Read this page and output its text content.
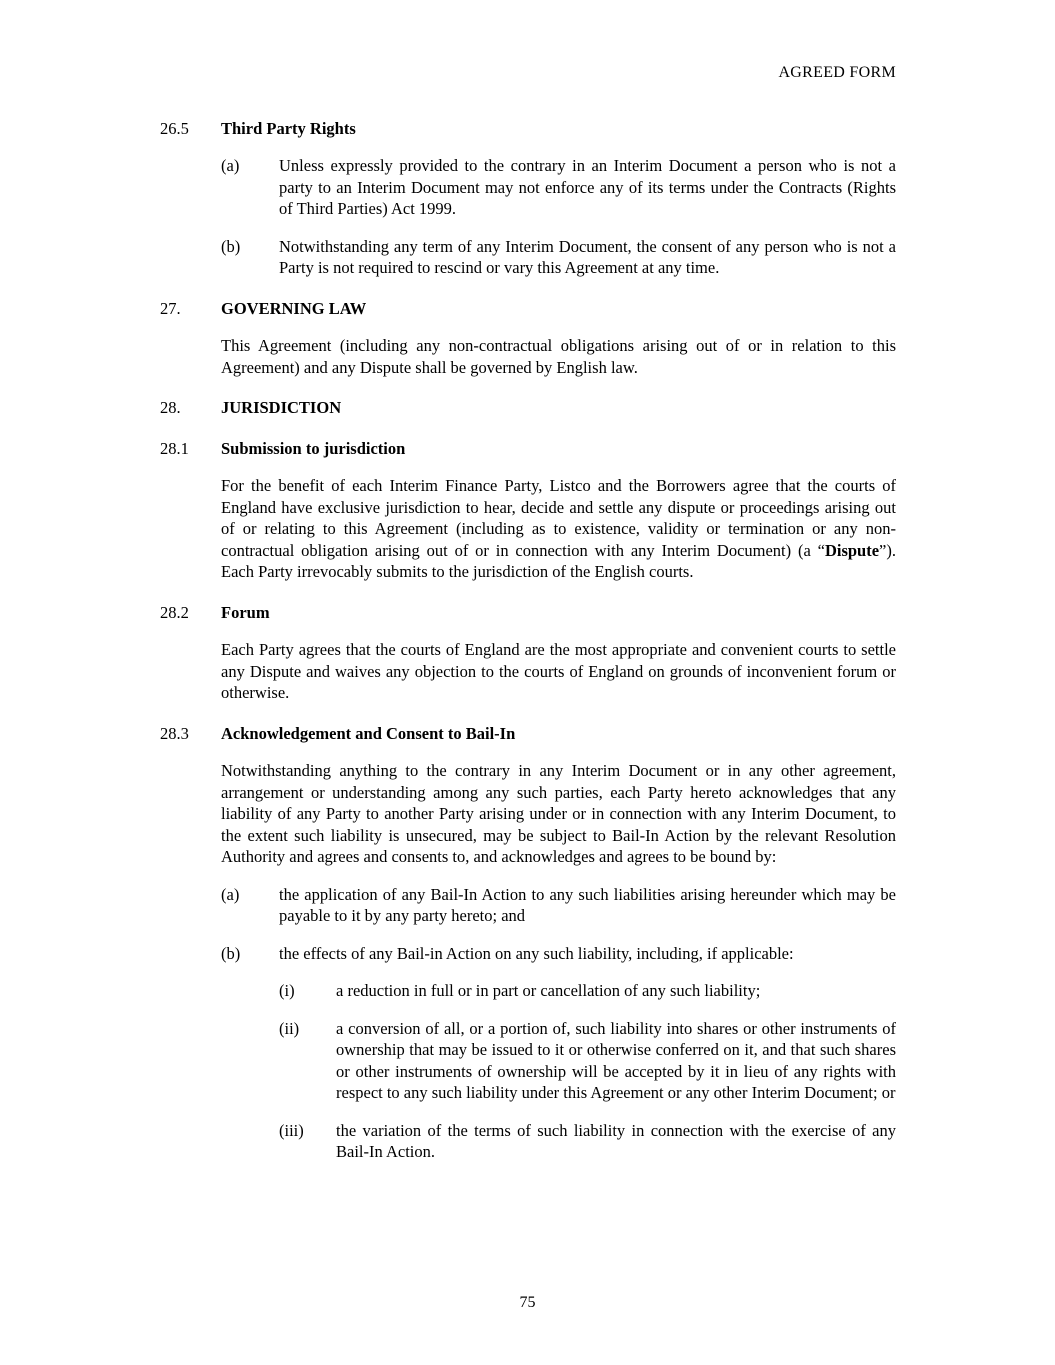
AGREED FORM
26.5	Third Party Rights
(a)	Unless expressly provided to the contrary in an Interim Document a person who is not a party to an Interim Document may not enforce any of its terms under the Contracts (Rights of Third Parties) Act 1999.
(b)	Notwithstanding any term of any Interim Document, the consent of any person who is not a Party is not required to rescind or vary this Agreement at any time.
27.	GOVERNING LAW
This Agreement (including any non-contractual obligations arising out of or in relation to this Agreement) and any Dispute shall be governed by English law.
28.	JURISDICTION
28.1	Submission to jurisdiction
For the benefit of each Interim Finance Party, Listco and the Borrowers agree that the courts of England have exclusive jurisdiction to hear, decide and settle any dispute or proceedings arising out of or relating to this Agreement (including as to existence, validity or termination or any non-contractual obligation arising out of or in connection with any Interim Document) (a “Dispute”). Each Party irrevocably submits to the jurisdiction of the English courts.
28.2	Forum
Each Party agrees that the courts of England are the most appropriate and convenient courts to settle any Dispute and waives any objection to the courts of England on grounds of inconvenient forum or otherwise.
28.3	Acknowledgement and Consent to Bail-In
Notwithstanding anything to the contrary in any Interim Document or in any other agreement, arrangement or understanding among any such parties, each Party hereto acknowledges that any liability of any Party to another Party arising under or in connection with any Interim Document, to the extent such liability is unsecured, may be subject to Bail-In Action by the relevant Resolution Authority and agrees and consents to, and acknowledges and agrees to be bound by:
(a)	the application of any Bail-In Action to any such liabilities arising hereunder which may be payable to it by any party hereto; and
(b)	the effects of any Bail-in Action on any such liability, including, if applicable:
(i)	a reduction in full or in part or cancellation of any such liability;
(ii)	a conversion of all, or a portion of, such liability into shares or other instruments of ownership that may be issued to it or otherwise conferred on it, and that such shares or other instruments of ownership will be accepted by it in lieu of any rights with respect to any such liability under this Agreement or any other Interim Document; or
(iii)	the variation of the terms of such liability in connection with the exercise of any Bail-In Action.
75
